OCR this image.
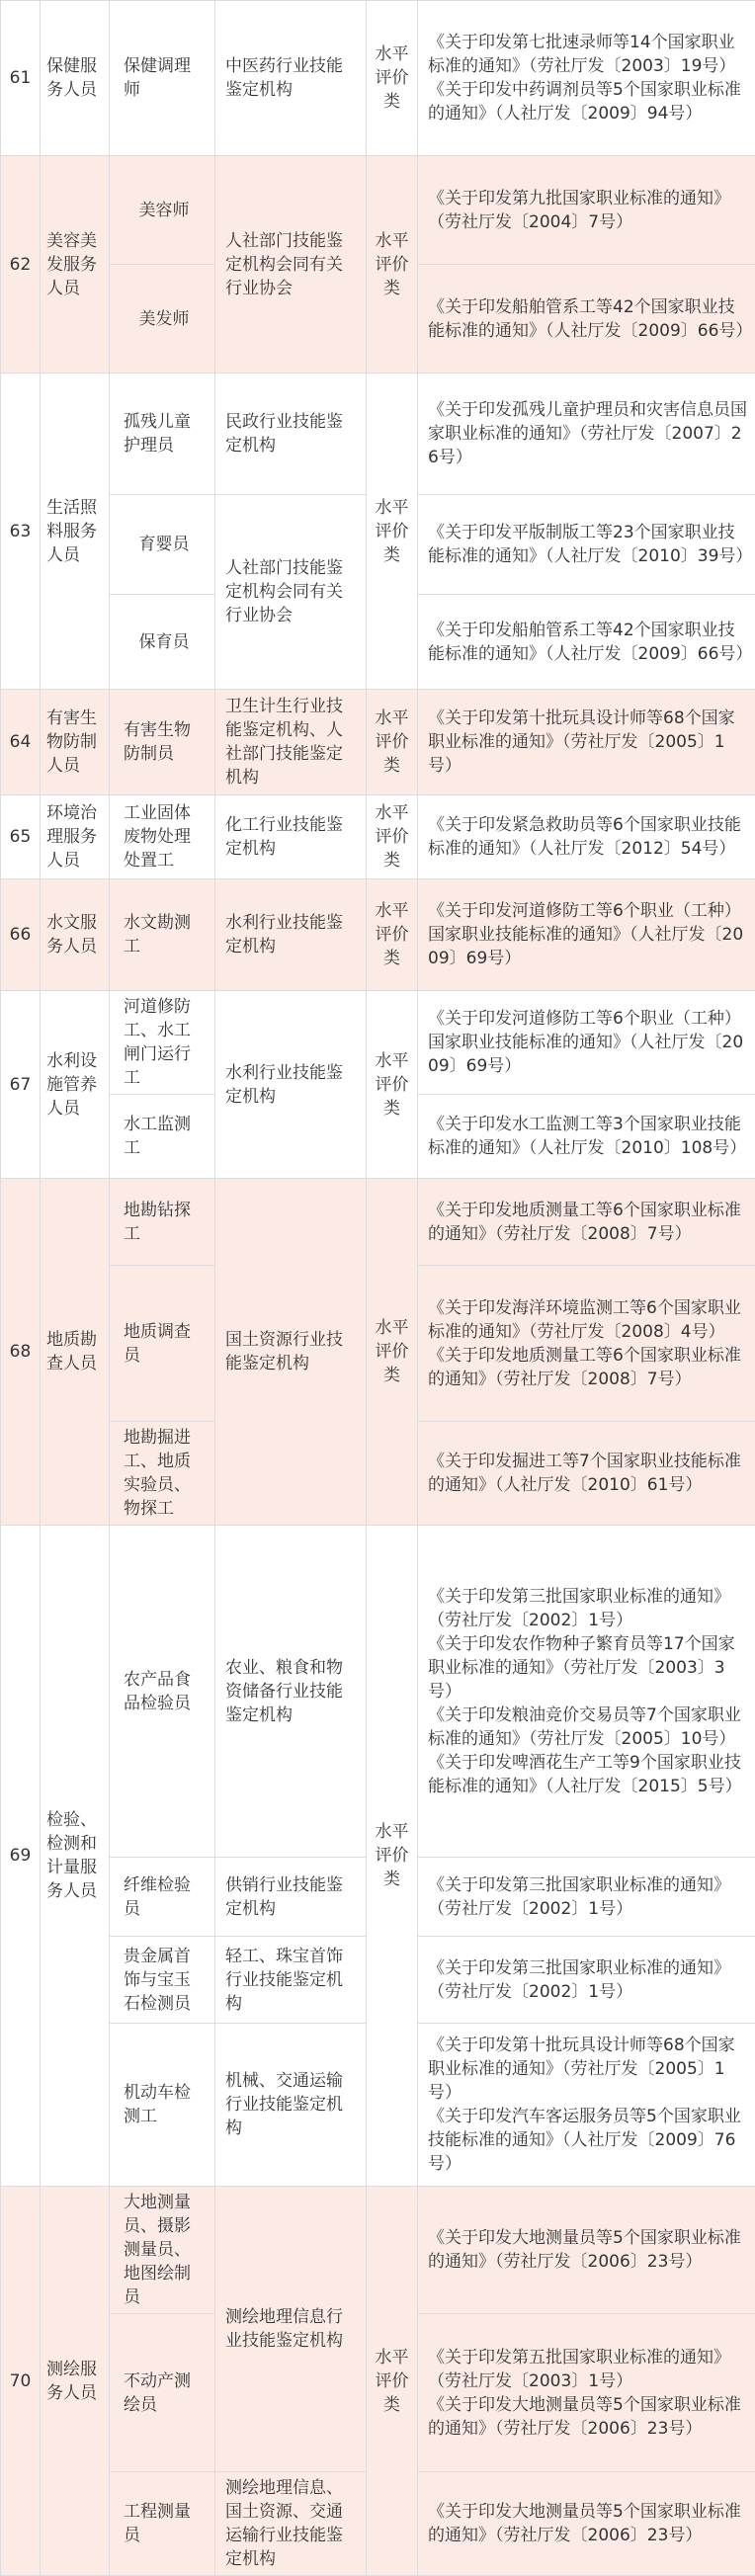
61	保健服务人员	保健调理师	中医药行业技能鉴定机构	水平评价类	《关于印发第七批速录师等14个国家职业标准的通知》（劳社厅发〔2003〕19号）
《关于印发中药调剂员等5个国家职业标准的通知》（人社厅发〔2009〕94号）

62	美容美发服务人员	美容师	人社部门技能鉴定机构会同有关行业协会	水平评价类	《关于印发第九批国家职业标准的通知》（劳社厅发〔2004〕7号）

		美发师			《关于印发船舶管系工等42个国家职业技能标准的通知》（人社厅发〔2009〕66号）

63	生活照料服务人员	孤残儿童护理员	民政行业技能鉴定机构	水平评价类	《关于印发孤残儿童护理员和灾害信息员国家职业标准的通知》（劳社厅发〔2007〕26号）

		育婴员	人社部门技能鉴定机构会同有关行业协会		《关于印发平版制版工等23个国家职业技能标准的通知》（人社厅发〔2010〕39号）

		保育员			《关于印发船舶管系工等42个国家职业技能标准的通知》（人社厅发〔2009〕66号）

64	有害生物防制人员	有害生物防制员	卫生计生行业技能鉴定机构、人社部门技能鉴定机构	水平评价类	《关于印发第十批玩具设计师等68个国家职业标准的通知》（劳社厅发〔2005〕1号）

65	环境治理服务人员	工业固体废物处理处置工	化工行业技能鉴定机构	水平评价类	《关于印发紧急救助员等6个国家职业技能标准的通知》（人社厅发〔2012〕54号）

66	水文服务人员	水文勘测工	水利行业技能鉴定机构	水平评价类	《关于印发河道修防工等6个职业（工种）国家职业技能标准的通知》（人社厅发〔2009〕69号）

67	水利设施管养人员	河道修防工、水工闸门运行工	水利行业技能鉴定机构	水平评价类	《关于印发河道修防工等6个职业（工种）国家职业技能标准的通知》（人社厅发〔2009〕69号）

		水工监测工			《关于印发水工监测工等3个国家职业技能标准的通知》（人社厅发〔2010〕108号）

68	地质勘查人员	地勘钻探工	国土资源行业技能鉴定机构	水平评价类	《关于印发地质测量工等6个国家职业标准的通知》（劳社厅发〔2008〕7号）

		地质调查员			《关于印发海洋环境监测工等6个国家职业标准的通知》（劳社厅发〔2008〕4号）
《关于印发地质测量工等6个国家职业标准的通知》（劳社厅发〔2008〕7号）

		地勘掘进工、地质实验员、物探工			《关于印发掘进工等7个国家职业技能标准的通知》（人社厅发〔2010〕61号）

69	检验、检测和计量服务人员	农产品食品检验员	农业、粮食和物资储备行业技能鉴定机构	水平评价类	《关于印发第三批国家职业标准的通知》（劳社厅发〔2002〕1号）
《关于印发农作物种子繁育员等17个国家职业标准的通知》（劳社厅发〔2003〕3号）
《关于印发粮油竞价交易员等7个国家职业标准的通知》（劳社厅发〔2005〕10号）
《关于印发啤酒花生产工等9个国家职业技能标准的通知》（人社厅发〔2015〕5号）

		纤维检验员	供销行业技能鉴定机构		《关于印发第三批国家职业标准的通知》（劳社厅发〔2002〕1号）

		贵金属首饰与宝玉石检测员	轻工、珠宝首饰行业技能鉴定机构		《关于印发第三批国家职业标准的通知》（劳社厅发〔2002〕1号）

		机动车检测工	机械、交通运输行业技能鉴定机构		《关于印发第十批玩具设计师等68个国家职业标准的通知》（劳社厅发〔2005〕1号）
《关于印发汽车客运服务员等5个国家职业技能标准的通知》（人社厅发〔2009〕76号）

70	测绘服务人员	大地测量员、摄影测量员、地图绘制员	测绘地理信息行业技能鉴定机构	水平评价类	《关于印发大地测量员等5个国家职业标准的通知》（劳社厅发〔2006〕23号）

		不动产测绘员			《关于印发第五批国家职业标准的通知》（劳社厅发〔2003〕1号）
《关于印发大地测量员等5个国家职业标准的通知》（劳社厅发〔2006〕23号）

		工程测量员	测绘地理信息、国土资源、交通运输行业技能鉴定机构		《关于印发大地测量员等5个国家职业标准的通知》（劳社厅发〔2006〕23号）
